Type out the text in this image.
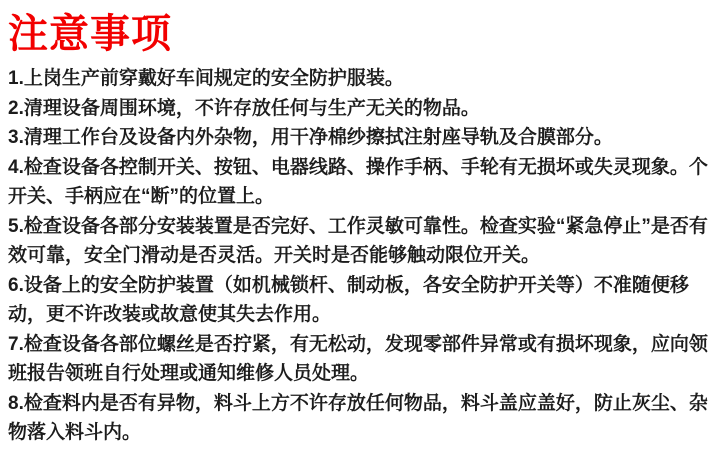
注意事项

1.上岗生产前穿戴好车间规定的安全防护服装。

2.清理设备周围环境，不许存放任何与生产无关的物品。

3.清理工作台及设备内外杂物，用干净棉纱擦拭注射座导轨及合膜部分。

4.检查设备各控制开关、按钮、电器线路、操作手柄、手轮有无损坏或失灵现象。个开关、手柄应在“断”的位置上。

5.检查设备各部分安装装置是否完好、工作灵敏可靠性。检查实验“紧急停止”是否有效可靠，安全门滑动是否灵活。开关时是否能够触动限位开关。

6.设备上的安全防护装置（如机械锁杆、制动板，各安全防护开关等）不准随便移动，更不许改装或故意使其失去作用。

7.检查设备各部位螺丝是否拧紧，有无松动，发现零部件异常或有损坏现象，应向领班报告领班自行处理或通知维修人员处理。

8.检查料内是否有异物，料斗上方不许存放任何物品，料斗盖应盖好，防止灰尘、杂物落入料斗内。
